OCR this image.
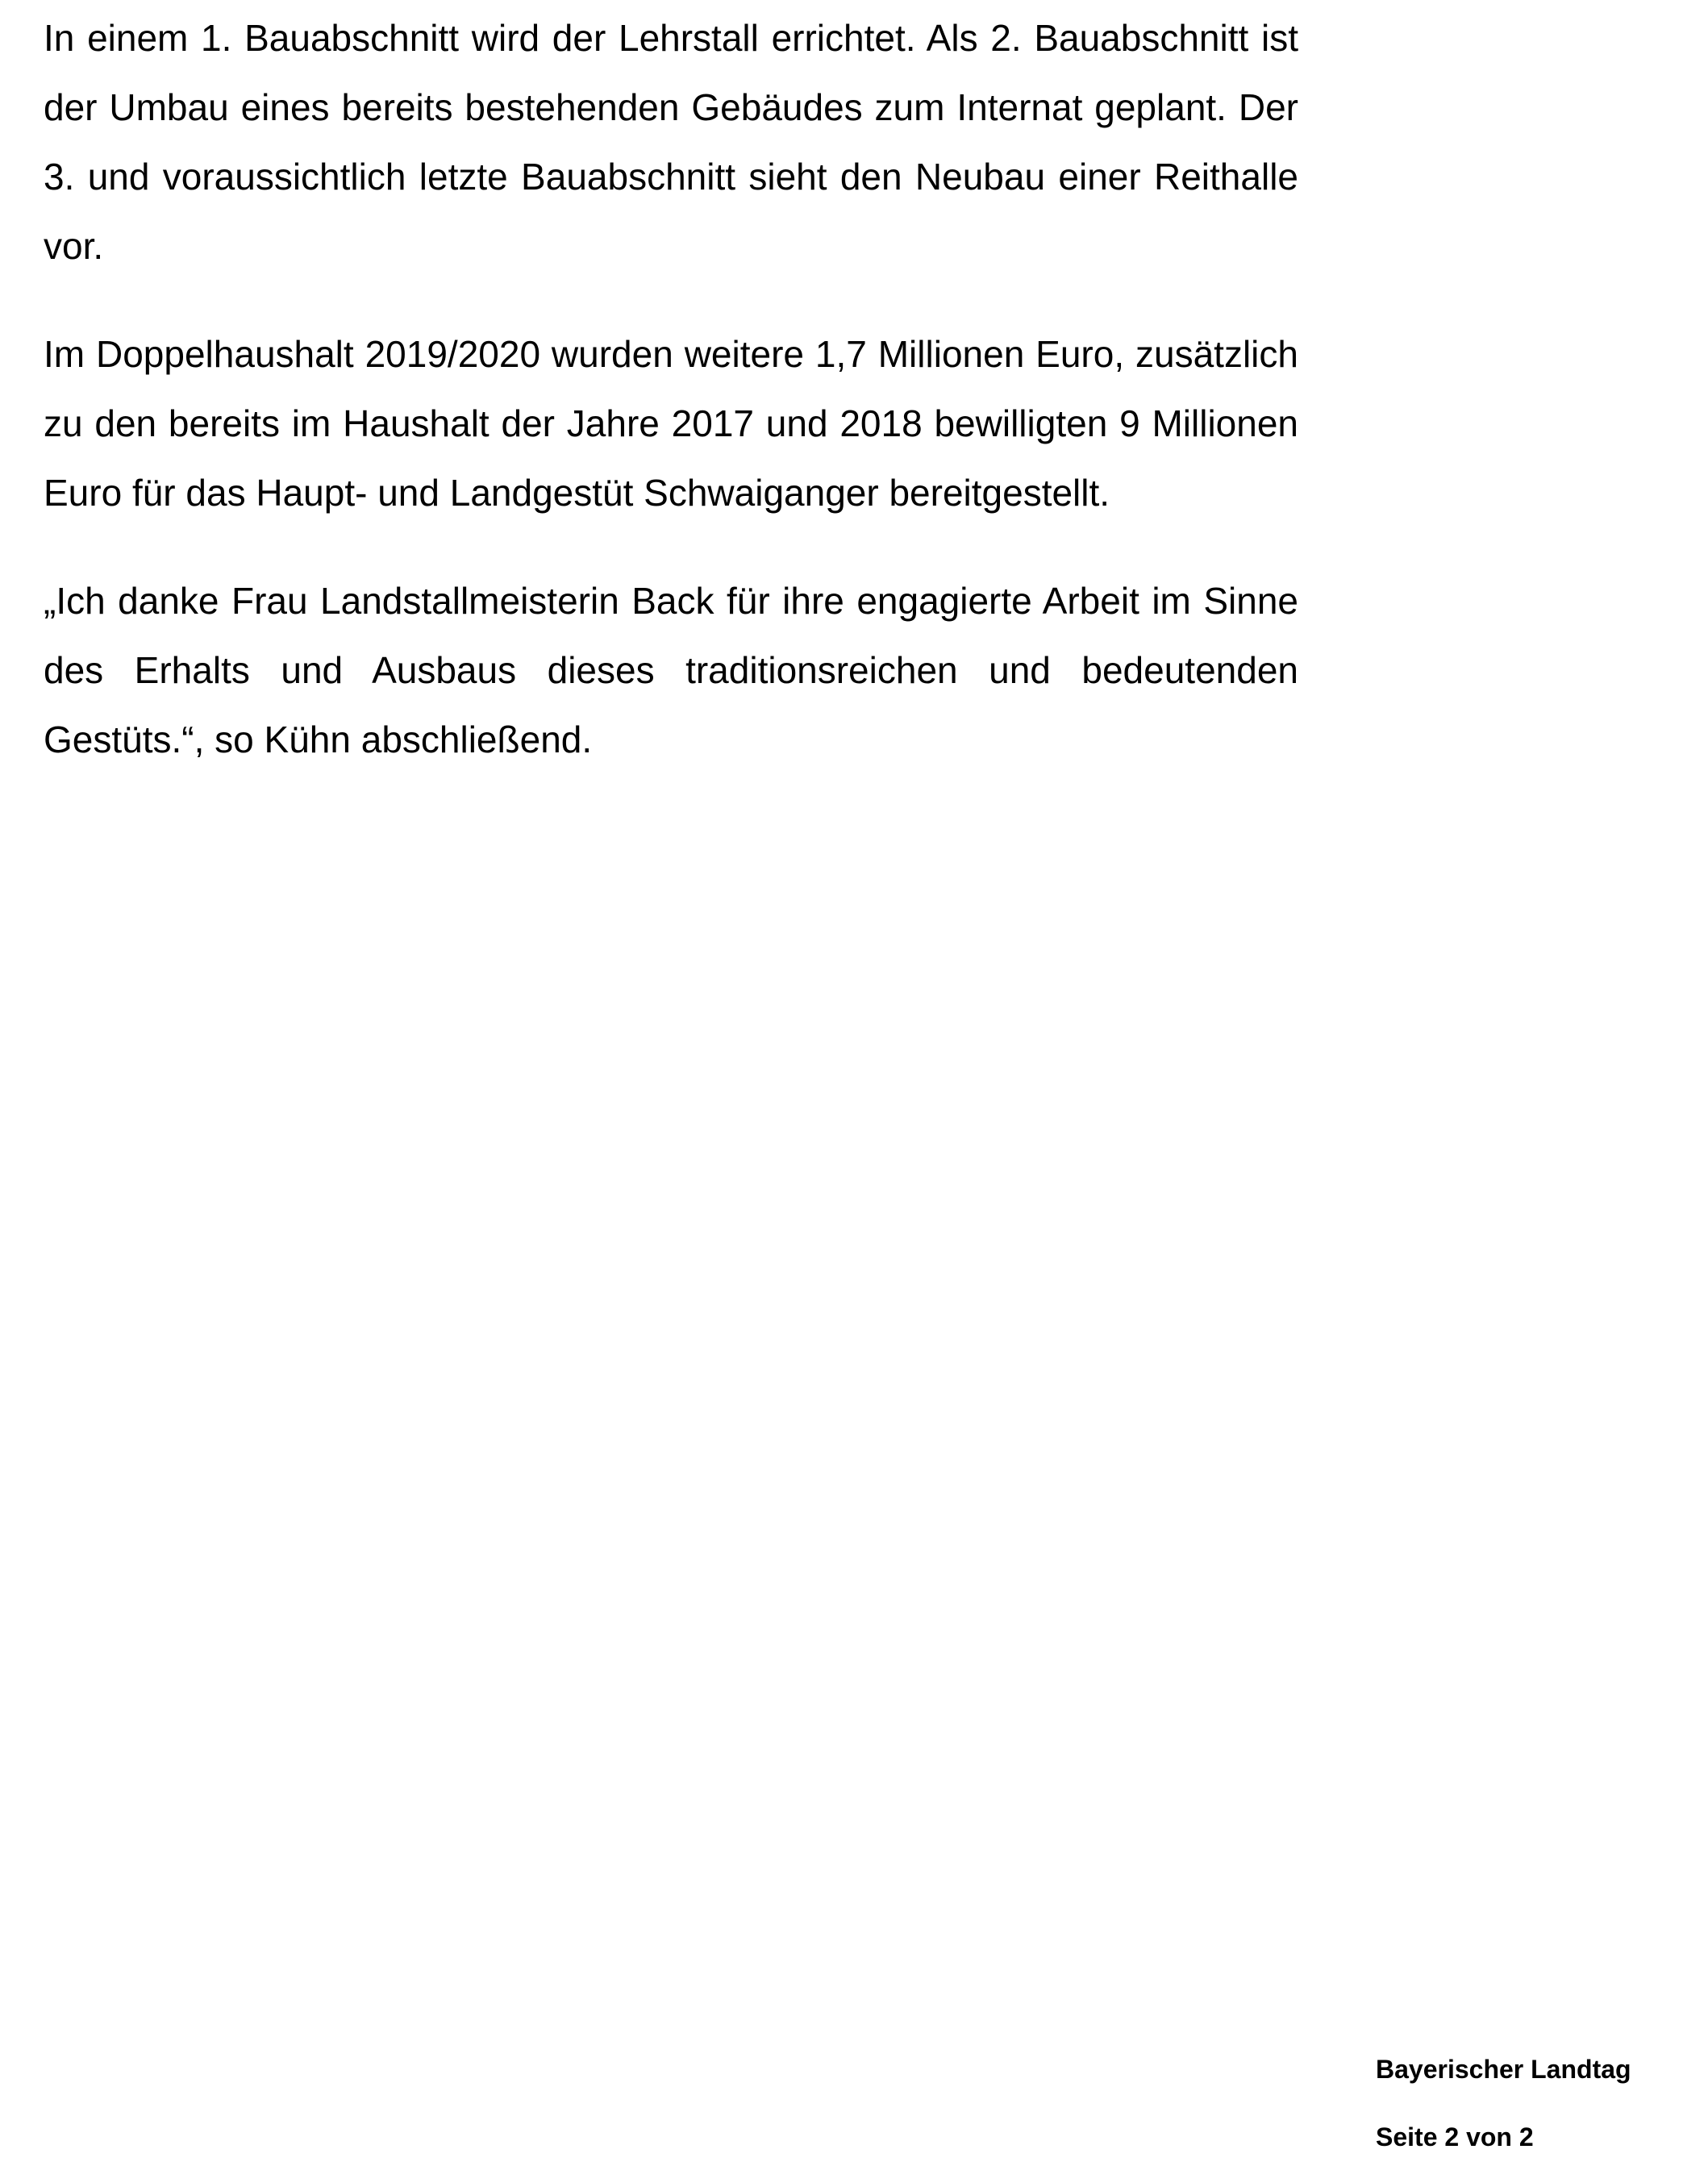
In einem 1. Bauabschnitt wird der Lehrstall errichtet. Als 2. Bauabschnitt ist der Umbau eines bereits bestehenden Gebäudes zum Internat geplant. Der 3. und voraussichtlich letzte Bauabschnitt sieht den Neubau einer Reithalle vor.

Im Doppelhaushalt 2019/2020 wurden weitere 1,7 Millionen Euro, zusätzlich zu den bereits im Haushalt der Jahre 2017 und 2018 bewilligten 9 Millionen Euro für das Haupt- und Landgestüt Schwaiganger bereitgestellt.

„Ich danke Frau Landstallmeisterin Back für ihre engagierte Arbeit im Sinne des Erhalts und Ausbaus dieses traditionsreichen und bedeutenden Gestüts.“, so Kühn abschließend.

Bayerischer Landtag
Seite 2 von 2
